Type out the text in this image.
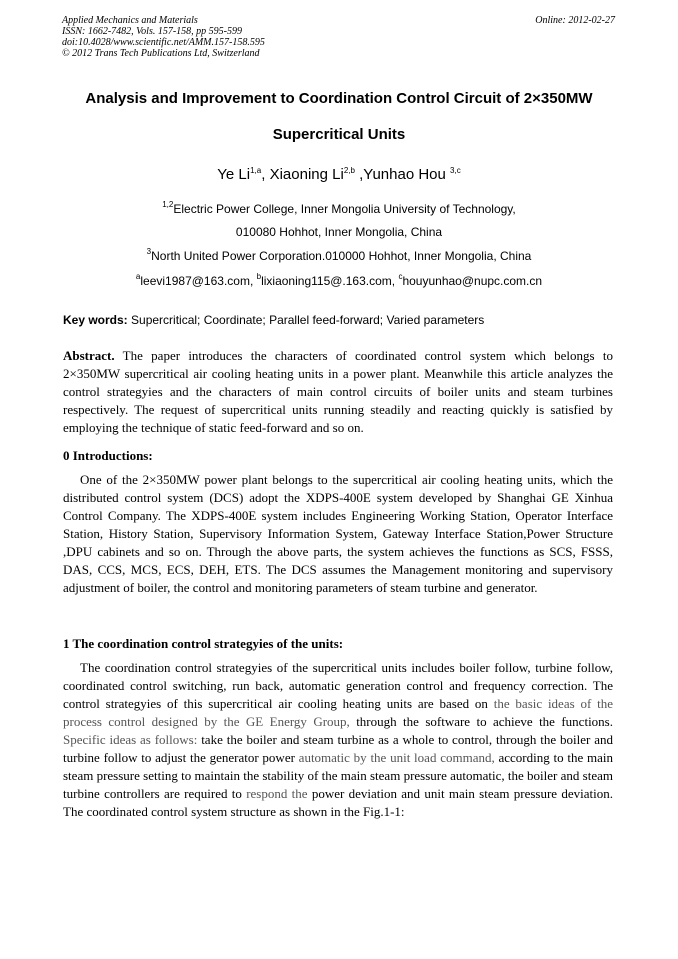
Applied Mechanics and Materials
ISSN: 1662-7482, Vols. 157-158, pp 595-599
doi:10.4028/www.scientific.net/AMM.157-158.595
© 2012 Trans Tech Publications Ltd, Switzerland
Online: 2012-02-27
Analysis and Improvement to Coordination Control Circuit of 2×350MW
Supercritical Units
Ye Li$^{1,a}$, Xiaoning Li$^{2,b}$ ,Yunhao Hou $^{3,c}$
$^{1,2}$Electric Power College, Inner Mongolia University of Technology,
010080 Hohhot, Inner Mongolia, China
$^3$North United Power Corporation.010000 Hohhot, Inner Mongolia, China
$^a$leevi1987@163.com, $^b$lixiaoning115@.163.com, $^c$houyunhao@nupc.com.cn
Key words: Supercritical; Coordinate; Parallel feed-forward; Varied parameters
Abstract. The paper introduces the characters of coordinated control system which belongs to 2×350MW supercritical air cooling heating units in a power plant. Meanwhile this article analyzes the control strategyies and the characters of main control circuits of boiler units and steam turbines respectively. The request of supercritical units running steadily and reacting quickly is satisfied by employing the technique of static feed-forward and so on.
0 Introductions:
One of the 2×350MW power plant belongs to the supercritical air cooling heating units, which the distributed control system (DCS) adopt the XDPS-400E system developed by Shanghai GE Xinhua Control Company. The XDPS-400E system includes Engineering Working Station, Operator Interface Station, History Station, Supervisory Information System, Gateway Interface Station,Power Structure ,DPU cabinets and so on. Through the above parts, the system achieves the functions as SCS, FSSS, DAS, CCS, MCS, ECS, DEH, ETS. The DCS assumes the Management monitoring and supervisory adjustment of boiler, the control and monitoring parameters of steam turbine and generator.
1 The coordination control strategyies of the units:
The coordination control strategyies of the supercritical units includes boiler follow, turbine follow, coordinated control switching, run back, automatic generation control and frequency correction. The control strategyies of this supercritical air cooling heating units are based on the basic ideas of the process control designed by the GE Energy Group, through the software to achieve the functions. Specific ideas as follows: take the boiler and steam turbine as a whole to control, through the boiler and turbine follow to adjust the generator power automatic by the unit load command, according to the main steam pressure setting to maintain the stability of the main steam pressure automatic, the boiler and steam turbine controllers are required to respond the power deviation and unit main steam pressure deviation. The coordinated control system structure as shown in the Fig.1-1:
